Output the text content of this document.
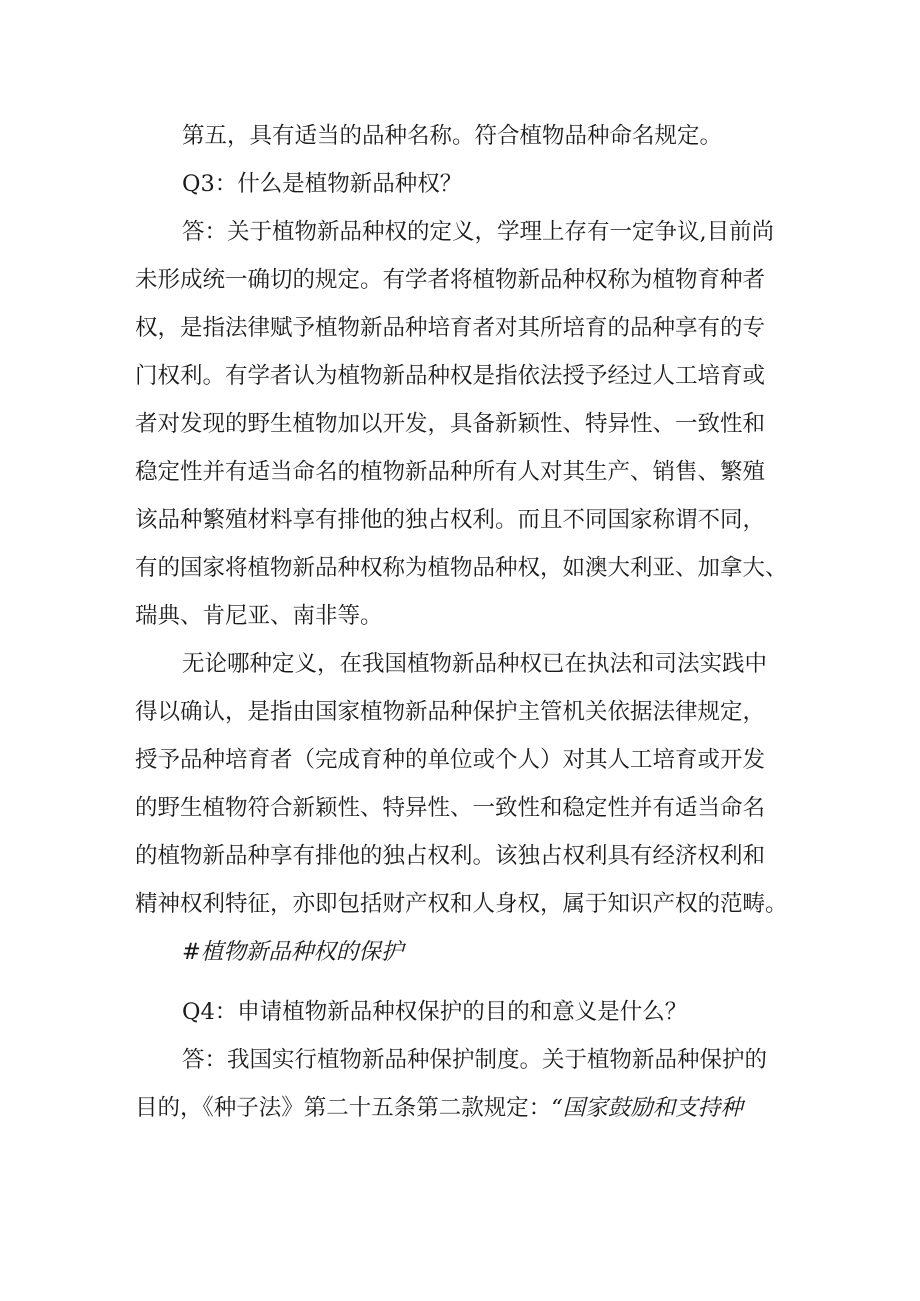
第五，具有适当的品种名称。符合植物品种命名规定。
Q3：什么是植物新品种权？
答：关于植物新品种权的定义，学理上存有一定争议,目前尚
未形成统一确切的规定。有学者将植物新品种权称为植物育种者
权，是指法律赋予植物新品种培育者对其所培育的品种享有的专
门权利。有学者认为植物新品种权是指依法授予经过人工培育或
者对发现的野生植物加以开发，具备新颖性、特异性、一致性和
稳定性并有适当命名的植物新品种所有人对其生产、销售、繁殖
该品种繁殖材料享有排他的独占权利。而且不同国家称谓不同，
有的国家将植物新品种权称为植物品种权，如澳大利亚、加拿大、
瑞典、肯尼亚、南非等。
无论哪种定义，在我国植物新品种权已在执法和司法实践中
得以确认，是指由国家植物新品种保护主管机关依据法律规定，
授予品种培育者（完成育种的单位或个人）对其人工培育或开发
的野生植物符合新颖性、特异性、一致性和稳定性并有适当命名
的植物新品种享有排他的独占权利。该独占权利具有经济权利和
精神权利特征，亦即包括财产权和人身权，属于知识产权的范畴。
#植物新品种权的保护
Q4：申请植物新品种权保护的目的和意义是什么？
答：我国实行植物新品种保护制度。关于植物新品种保护的
目的，《种子法》第二十五条第二款规定：“国家鼓励和支持种
